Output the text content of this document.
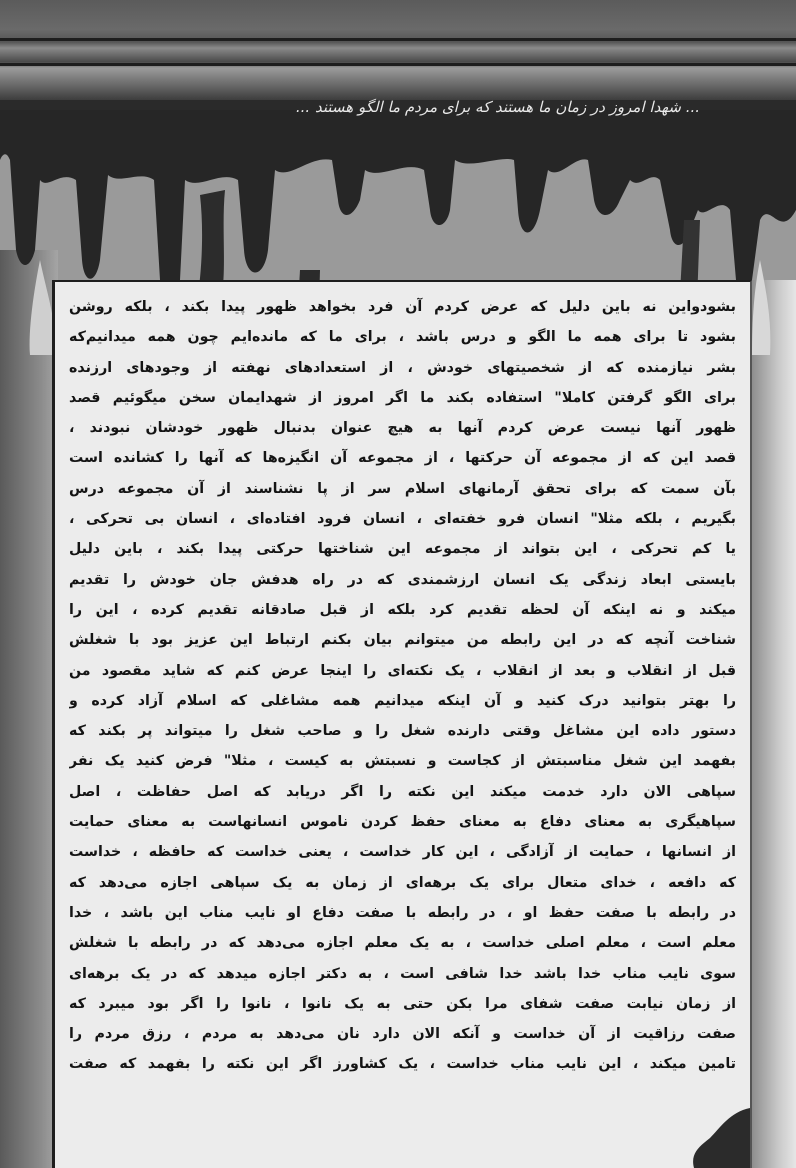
... شهدا امروز در زمان ما هستند که برای مردم ما الگو هستند ...
بشودواین نه باین دلیل که عرض کردم آن فرد بخواهد ظهور پیدا بکند ، بلکه روشن
بشود تا برای همه ما الگو و درس باشد ، برای ما که مانده‌ایم چون همه میدانیم‌که
بشر نیازمنده که از شخصیتهای خودش ، از استعدادهای نهفته از وجودهای ارزنده
برای الگو گرفتن کاملا" استفاده بکند ما اگر امروز از شهدایمان سخن میگوئیم قصد
ظهور آنها نیست عرض کردم آنها به هیچ عنوان بدنبال ظهور خودشان نبودند ،
قصد این که از مجموعه آن حرکتها ، از مجموعه آن انگیزه‌ها که آنها را کشانده است
بآن سمت که برای تحقق آرمانهای اسلام سر از پا نشناسند از آن مجموعه درس
بگیریم ، بلکه مثلا" انسان فرو خفته‌ای ، انسان فرود افتاده‌ای ، انسان بی تحرکی ،
یا کم تحرکی ، این بتواند از مجموعه این شناختها حرکتی پیدا بکند ، باین دلیل
بایستی ابعاد زندگی یک انسان ارزشمندی که در راه هدفش جان خودش را تقدیم
میکند و نه اینکه آن لحظه تقدیم کرد بلکه از قبل صادقانه تقدیم کرده ، این را
شناخت آنچه که در این رابطه من میتوانم بیان بکنم ارتباط این عزیز بود با شغلش
قبل از انقلاب و بعد از انقلاب ، یک نکته‌ای را اینجا عرض کنم که شاید مقصود من
را بهتر بتوانید درک کنید و آن اینکه میدانیم همه مشاغلی که اسلام آزاد کرده و
دستور داده این مشاغل وقتی دارنده شغل را و صاحب شغل را میتواند پر بکند که
بفهمد این شغل مناسبتش از کجاست و نسبتش به کیست ، مثلا" فرض کنید یک نفر
سپاهی الان دارد خدمت میکند این نکته را اگر دریابد که اصل حفاظت ، اصل
سپاهیگری به معنای دفاع به معنای حفظ کردن ناموس انسانهاست به معنای حمایت
از انسانها ، حمایت از آزادگی ، این کار خداست ، یعنی خداست که حافظه ، خداست
که دافعه ، خدای متعال برای یک برهه‌ای از زمان به یک سپاهی اجازه می‌دهد که
در رابطه با صفت حفظ او ، در رابطه با صفت دفاع او نایب مناب این باشد ، خدا
معلم است ، معلم اصلی خداست ، به یک معلم اجازه می‌دهد که در رابطه با شغلش
سوی نایب مناب خدا باشد خدا شافی است ، به دکتر اجازه میدهد که در یک برهه‌ای
از زمان نیابت صفت شفای مرا بکن حتی به یک نانوا ، نانوا را اگر بود میبرد که
صفت رزاقیت از آن خداست و آنکه الان دارد نان می‌دهد به مردم ، رزق مردم را
تامین میکند ، این نایب مناب خداست ، یک کشاورز اگر این نکته را بفهمد که صفت
